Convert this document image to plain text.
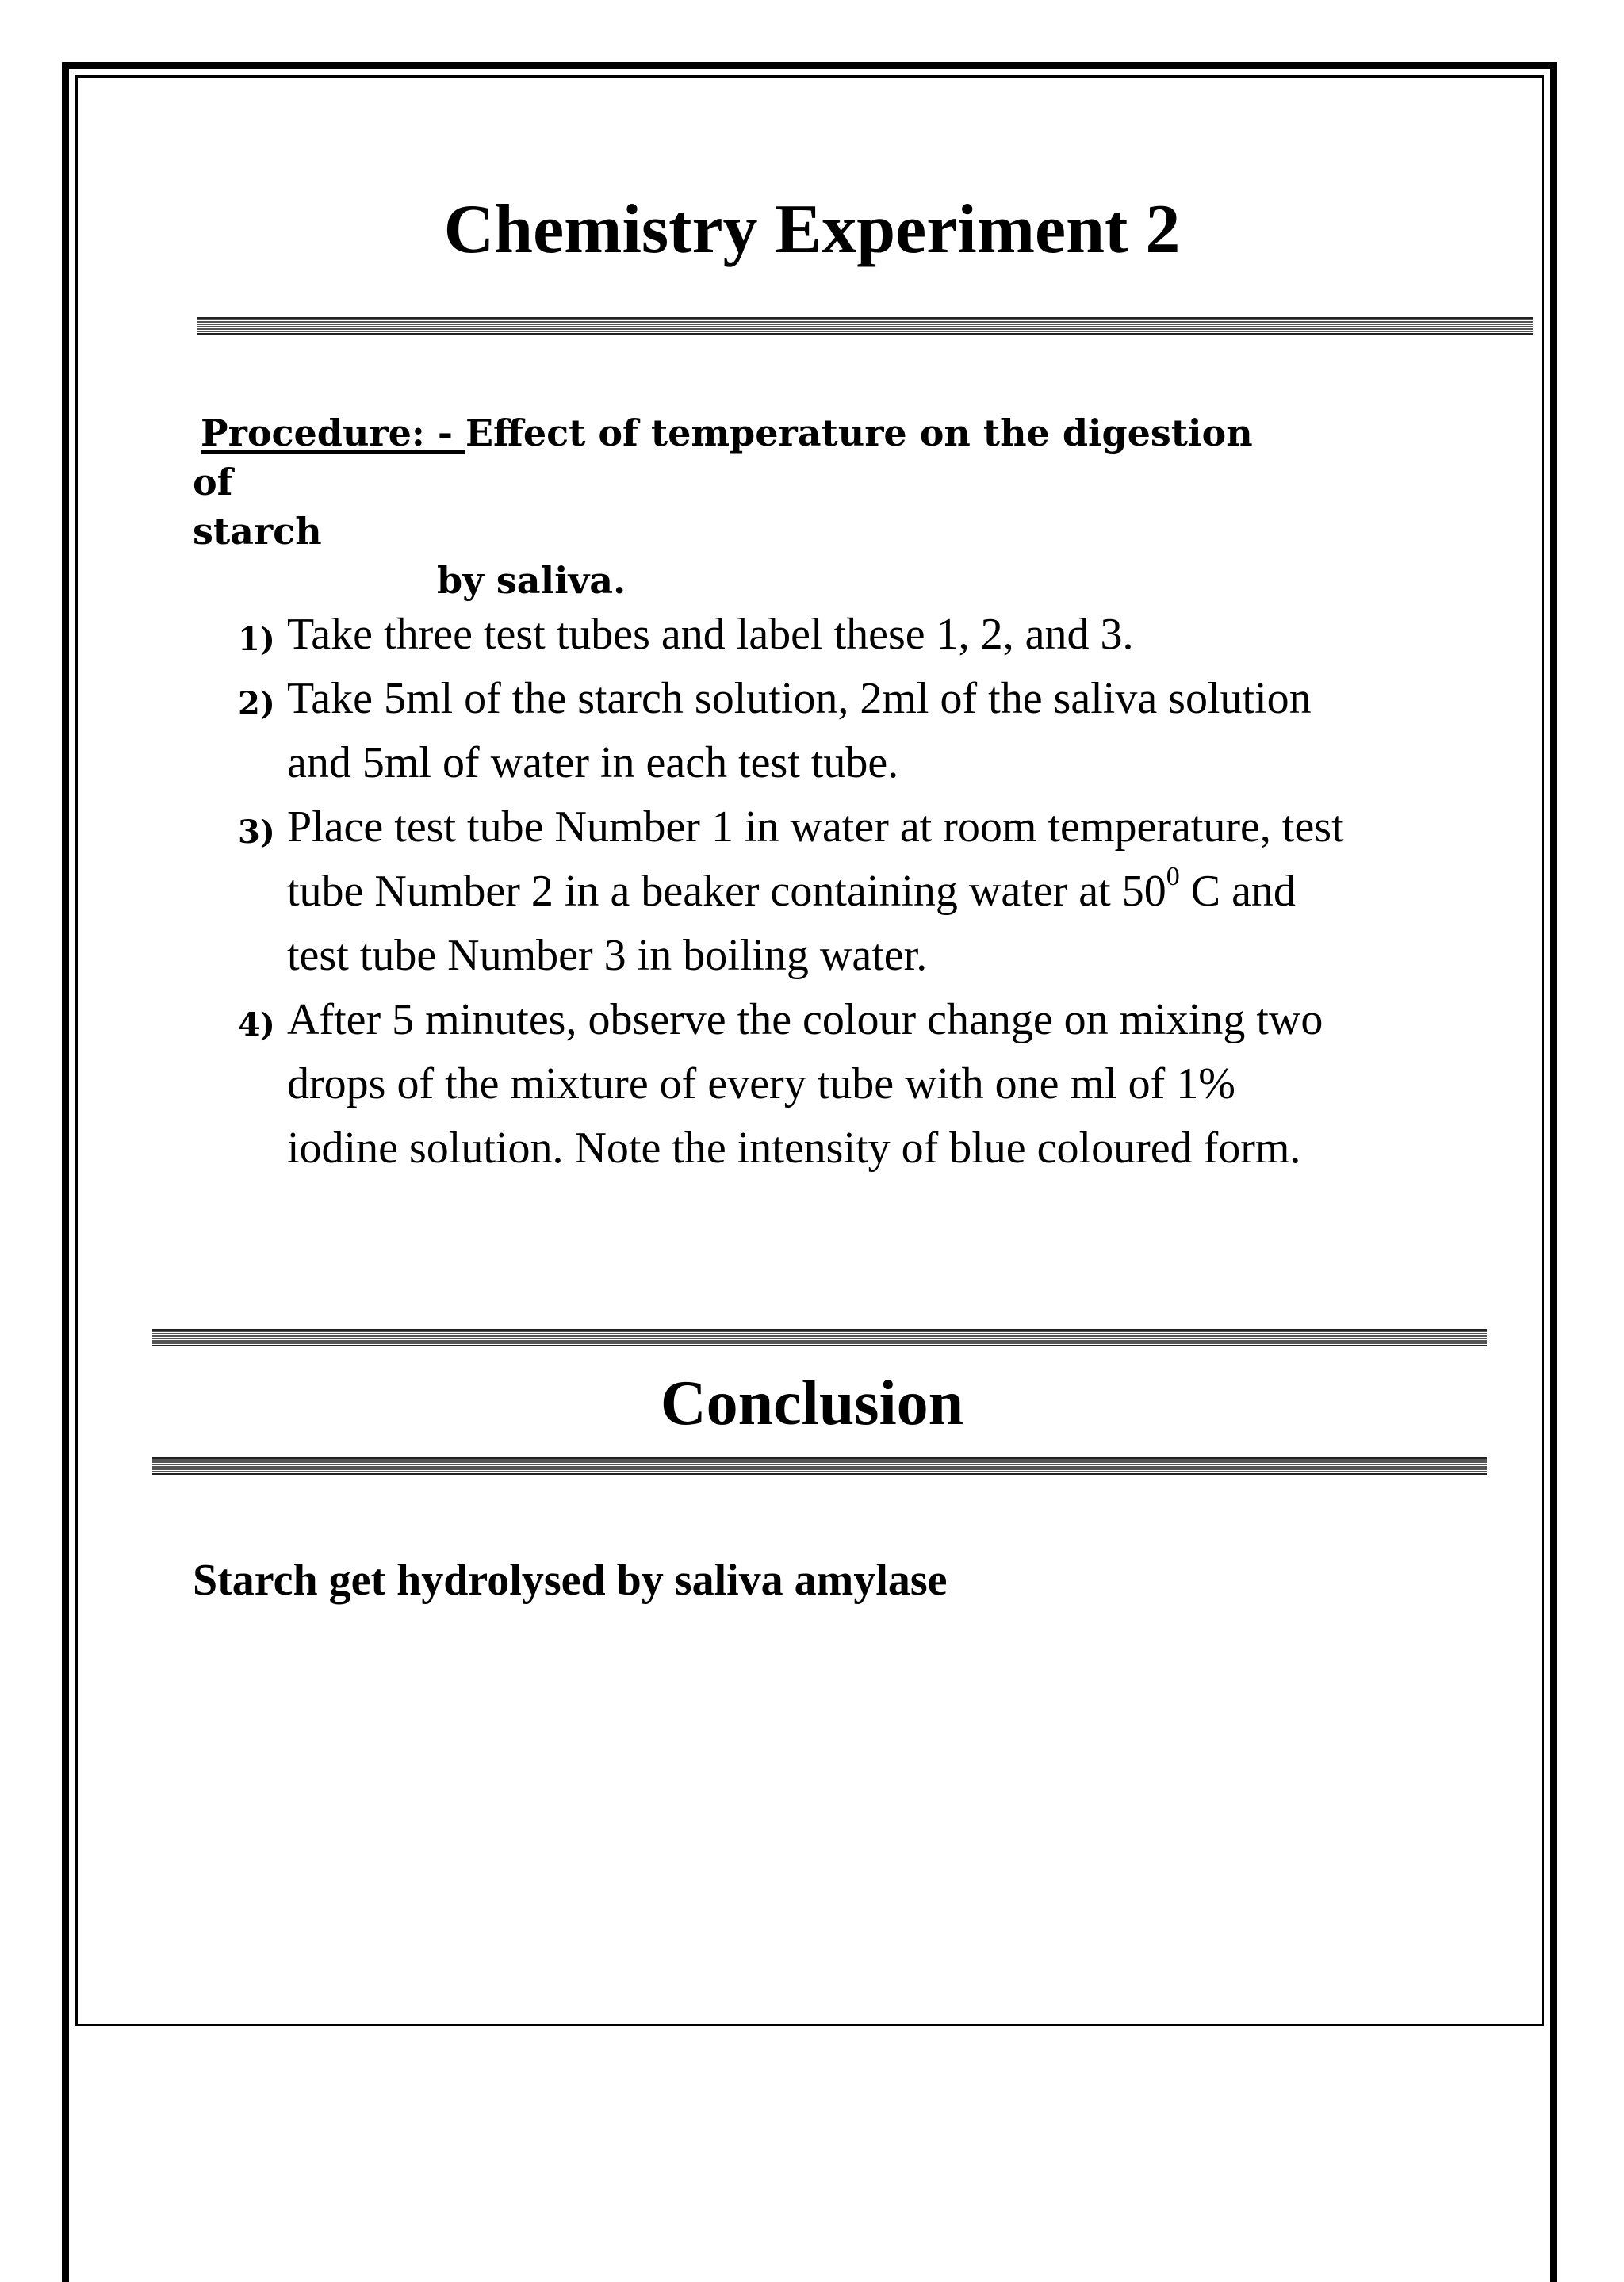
Chemistry Experiment 2
Procedure: - Effect of temperature on the digestion of
starch
by saliva.
1) Take three test tubes and label these 1, 2, and 3.
2) Take 5ml of the starch solution, 2ml of the saliva solution
and 5ml of water in each test tube.
3) Place test tube Number 1 in water at room temperature, test
tube Number 2 in a beaker containing water at $50^0$ C and
test tube Number 3 in boiling water.
4) After 5 minutes, observe the colour change on mixing two
drops of the mixture of every tube with one ml of 1%
iodine solution. Note the intensity of blue coloured form.
Conclusion

Starch get hydrolysed by saliva amylase
